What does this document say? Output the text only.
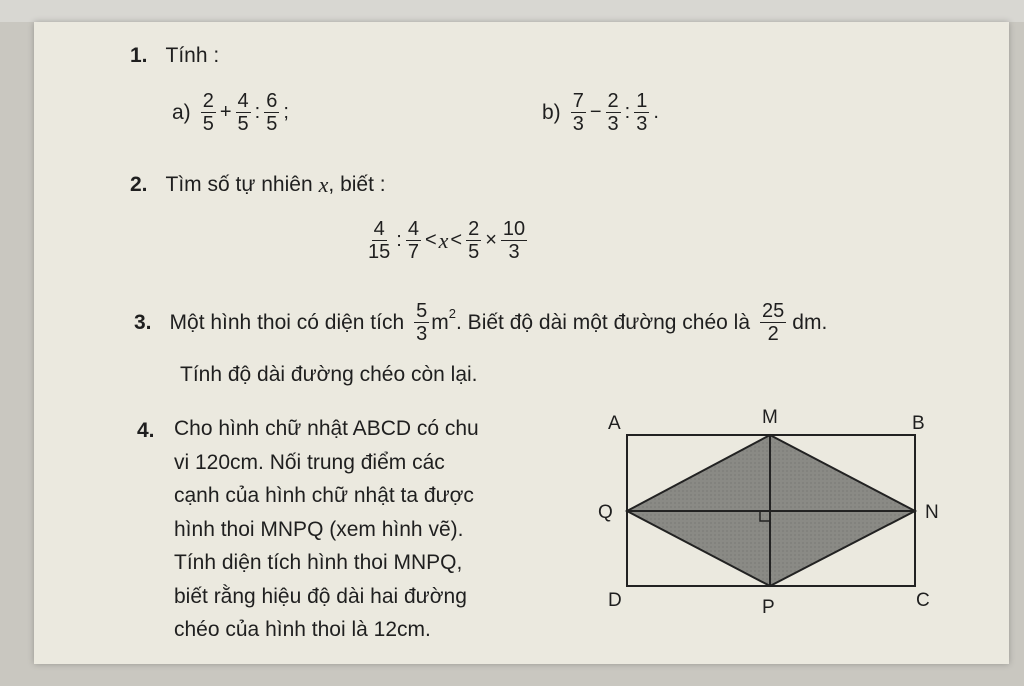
1. Tính :
$a) \frac{2}{5} + \frac{4}{5}$ : $\frac{6}{5}$ ;	$b) \frac{7}{3} - \frac{2}{3}$ : $\frac{1}{3}$ .
2. Tìm số tự nhiên x , biết :
$\frac{4}{15}$ : $\frac{4}{7} < x < \frac{2}{5} \times \frac{10}{3}$
3. Một hình thoi có diện tích $\frac{5}{3} m^2$ . Biết độ dài một đường chéo là $\frac{25}{2}$ dm.
Tính độ dài đường chéo còn lại.
4. Cho hình chữ nhật ABCD có chu
vi 120cm. Nối trung điểm các
cạnh của hình chữ nhật ta được
hình thoi MNPQ (xem hình vẽ).
Tính diện tích hình thoi MNPQ,
biết rằng hiệu độ dài hai đường
chéo của hình thoi là 12cm.
A	M	B
Q	N
D	P	C
